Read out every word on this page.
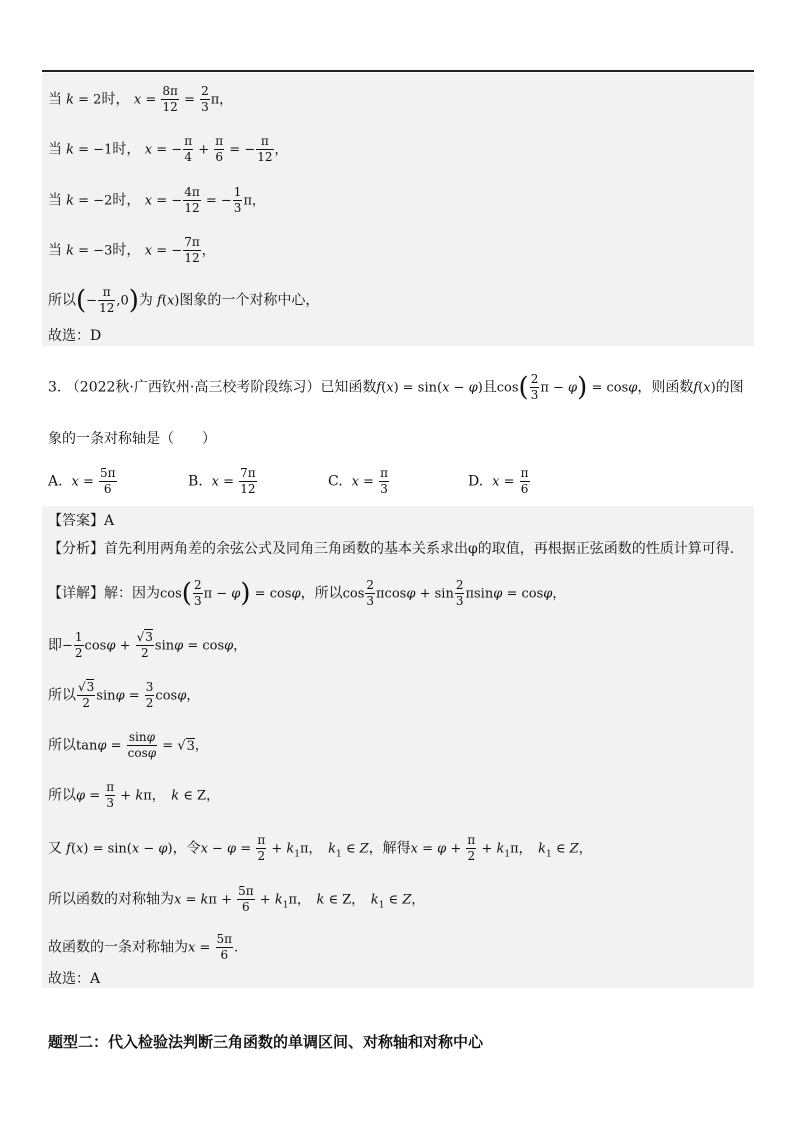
当 k = 2时， $x = \frac{8\pi}{12} = \frac{2}{3}$ π，
当 k = −1时， x = − $\frac{\pi}{4} + \frac{\pi}{6}$ = − $\frac{\pi}{12}$ ，
当 k = −2时， x = − $\frac{4\pi}{12}$ = − $\frac{1}{3}$ π，
当 k = −3时， x = − $\frac{7\pi}{12}$ ，
所以(− $\frac{\pi}{12} ,0$)为 f(x)图象的一个对称中心，
故选：D
3. （2022秋·广西钦州·高三校考阶段练习）已知函数f(x) = sin(x − φ)且$\cos( \frac{2}{3}$ π − φ) = cosφ，则函数f(x)的图
象的一条对称轴是（　　）
A. $x = \frac{5\pi}{6}$	B. $x = \frac{7\pi}{12}$	C. $x = \frac{\pi}{3}$	D. $x = \frac{\pi}{6}$
【答案】A
【分析】首先利用两角差的余弦公式及同角三角函数的基本关系求出φ的取值，再根据正弦函数的性质计算可得.
【详解】解：因为$\cos( \frac{2}{3}$ π − φ) = cosφ，所以$\cos \frac{2}{3}$ $\pi\cos\varphi + \sin \frac{2}{3}$ πsinφ = cosφ，
即− $\frac{1}{2}$ $\cos\varphi + \frac{√3}{2}$ sinφ = cosφ，
所以 $\frac{√3}{2}$ $\sin\varphi = \frac{3}{2}$ cosφ，
所以$\tan\varphi = \frac{\sin\varphi}{\cos\varphi} = √3$，
所以$\varphi = \frac{\pi}{3} + k\pi$，　k ∈ Z，
又 f(x) = sin(x − φ)，令$x - \varphi = \frac{\pi}{2} + k_1\pi$，　$k_1$ ∈ Z，解得$x = \varphi + \frac{\pi}{2} + k_1\pi$，　$k_1$ ∈ Z，
所以函数的对称轴为$x = k\pi + \frac{5\pi}{6} + k_1\pi$，　k ∈ Z，　$k_1$ ∈ Z，
故函数的一条对称轴为$x = \frac{5\pi}{6}$ .
故选：A
题型二：代入检验法判断三角函数的单调区间、对称轴和对称中心
